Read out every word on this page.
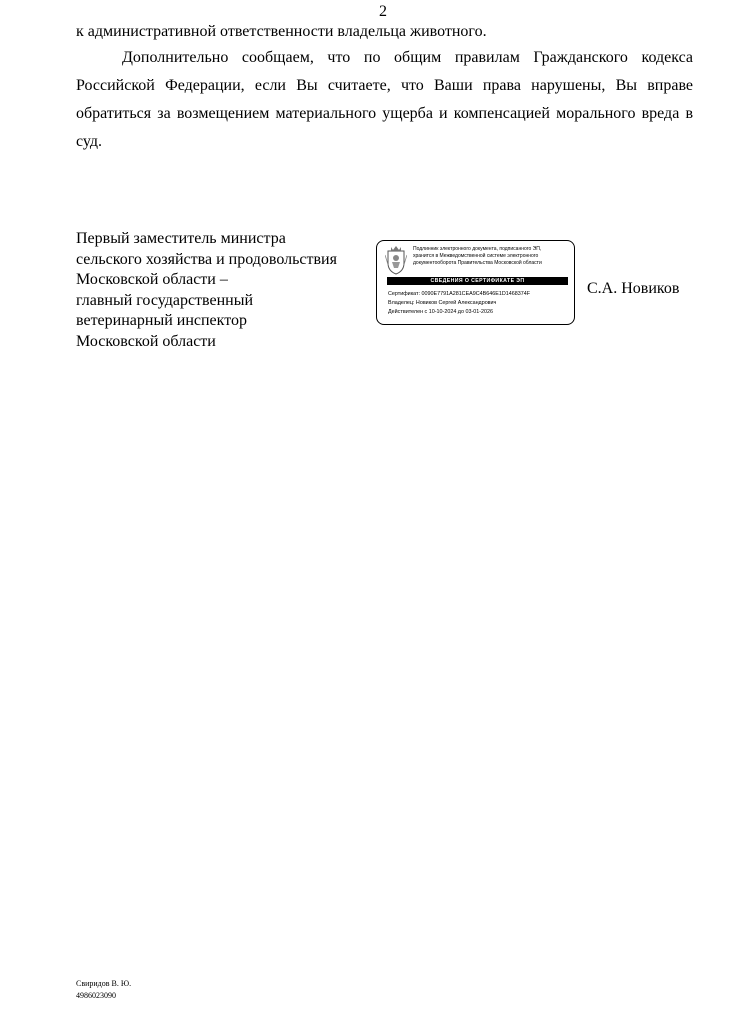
2
к административной ответственности владельца животного.

Дополнительно сообщаем, что по общим правилам Гражданского кодекса Российской Федерации, если Вы считаете, что Ваши права нарушены, Вы вправе обратиться за возмещением материального ущерба и компенсацией морального вреда в суд.

Первый заместитель министра
сельского хозяйства и продовольствия
Московской области –
главный государственный
ветеринарный инспектор
Московской области
Подлинник электронного документа, подписанного ЭП,
хранится в Межведомственной системе электронного
документооборота Правительства Московской области
СВЕДЕНИЯ О СЕРТИФИКАТЕ ЭП
Сертификат: 0090E7791A281CEA9C4B646E1D1468374F
Владелец: Новиков Сергей Александрович
Действителен с 10-10-2024 до 03-01-2026
С.А. Новиков
Свиридов В. Ю.
4986023090
